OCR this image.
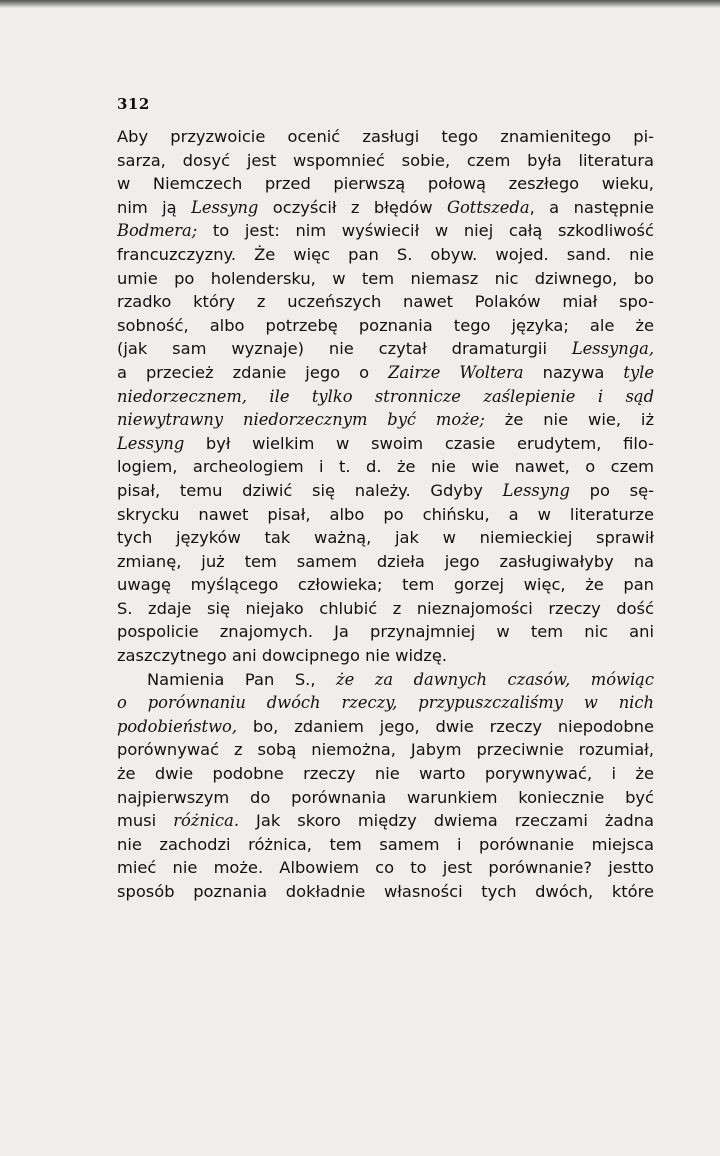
312

Aby przyzwoicie ocenić zasługi tego znamienitego pi-
sarza, dosyć jest wspomnieć sobie, czem była literatura
w Niemczech przed pierwszą połową zeszłego wieku,
nim ją Lessyng oczyścił z błędów Gottszeda, a następnie
Bodmera; to jest: nim wyświecił w niej całą szkodliwość
francuzczyzny. Że więc pan S. obyw. wojed. sand. nie
umie po holendersku, w tem niemasz nic dziwnego, bo
rzadko który z uczeńszych nawet Polaków miał spo-
sobność, albo potrzebę poznania tego języka; ale że
(jak sam wyznaje) nie czytał dramaturgii Lessynga,
a przecież zdanie jego o Zairze Woltera nazywa tyle
niedorzecznem, ile tylko stronnicze zaślepienie i sąd
niewytrawny niedorzecznym być może; że nie wie, iż
Lessyng był wielkim w swoim czasie erudytem, filo-
logiem, archeologiem i t. d. że nie wie nawet, o czem
pisał, temu dziwić się należy. Gdyby Lessyng po sę-
skrycku nawet pisał, albo po chińsku, a w literaturze
tych języków tak ważną, jak w niemieckiej sprawił
zmianę, już tem samem dzieła jego zasługiwałyby na
uwagę myślącego człowieka; tem gorzej więc, że pan
S. zdaje się niejako chlubić z nieznajomości rzeczy dość
pospolicie znajomych. Ja przynajmniej w tem nic ani
zaszczytnego ani dowcipnego nie widzę.
Namienia Pan S., że za dawnych czasów, mówiąc
o porównaniu dwóch rzeczy, przypuszczaliśmy w nich
podobieństwo, bo, zdaniem jego, dwie rzeczy niepodobne
porównywać z sobą niemożna, Jabym przeciwnie rozumiał,
że dwie podobne rzeczy nie warto porywnywać, i że
najpierwszym do porównania warunkiem koniecznie być
musi różnica. Jak skoro między dwiema rzeczami żadna
nie zachodzi różnica, tem samem i porównanie miejsca
mieć nie może. Albowiem co to jest porównanie? jestto
sposób poznania dokładnie własności tych dwóch, które
